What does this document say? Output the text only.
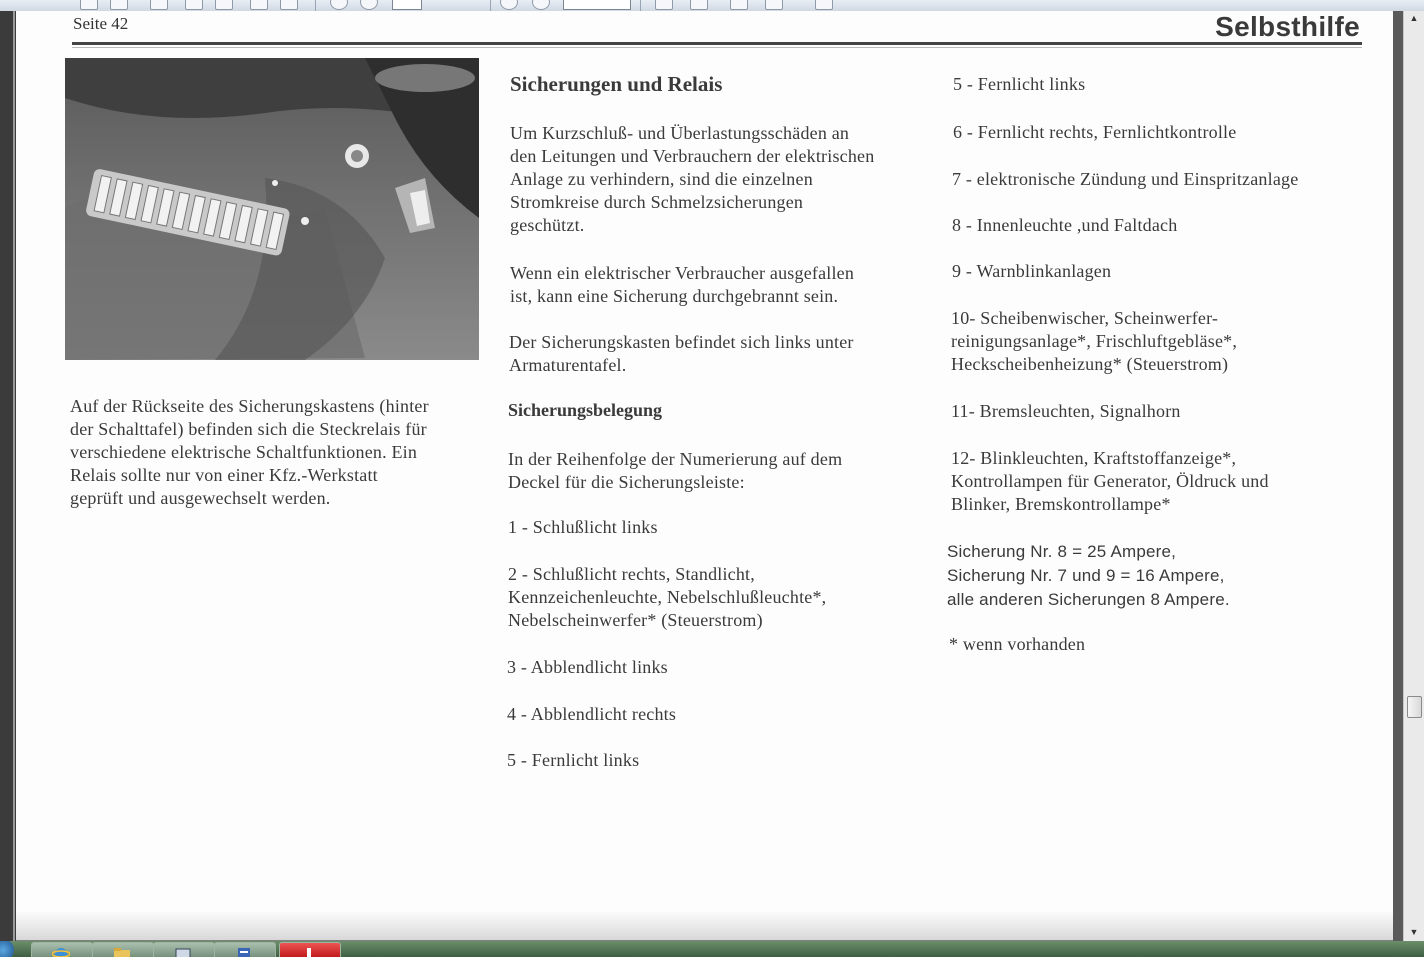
Seite 42	Selbsthilfe
Auf der Rückseite des Sicherungskastens (hinter
der Schalttafel) befinden sich die Steckrelais für
verschiedene elektrische Schaltfunktionen. Ein
Relais sollte nur von einer Kfz.-Werkstatt
geprüft und ausgewechselt werden.
Sicherungen und Relais
Um Kurzschluß- und Überlastungsschäden an
den Leitungen und Verbrauchern der elektrischen
Anlage zu verhindern, sind die einzelnen
Stromkreise durch Schmelzsicherungen
geschützt.
Wenn ein elektrischer Verbraucher ausgefallen
ist, kann eine Sicherung durchgebrannt sein.
Der Sicherungskasten befindet sich links unter
Armaturentafel.
Sicherungsbelegung
In der Reihenfolge der Numerierung auf dem
Deckel für die Sicherungsleiste:
1 - Schlußlicht links
2 - Schlußlicht rechts, Standlicht,
Kennzeichenleuchte, Nebelschlußleuchte*,
Nebelscheinwerfer* (Steuerstrom)
3 - Abblendlicht links
4 - Abblendlicht rechts
5 - Fernlicht links
5 - Fernlicht links
6 - Fernlicht rechts, Fernlichtkontrolle
7 - elektronische Zündung und Einspritzanlage
8 - Innenleuchte ,und Faltdach
9 - Warnblinkanlagen
10- Scheibenwischer, Scheinwerfer-
reinigungsanlage*, Frischluftgebläse*,
Heckscheibenheizung* (Steuerstrom)
11- Bremsleuchten, Signalhorn
12- Blinkleuchten, Kraftstoffanzeige*,
Kontrollampen für Generator, Öldruck und
Blinker, Bremskontrollampe*
Sicherung Nr. 8 = 25 Ampere,
Sicherung Nr. 7 und 9 = 16 Ampere,
alle anderen Sicherungen 8 Ampere.
* wenn vorhanden
▲
▼
